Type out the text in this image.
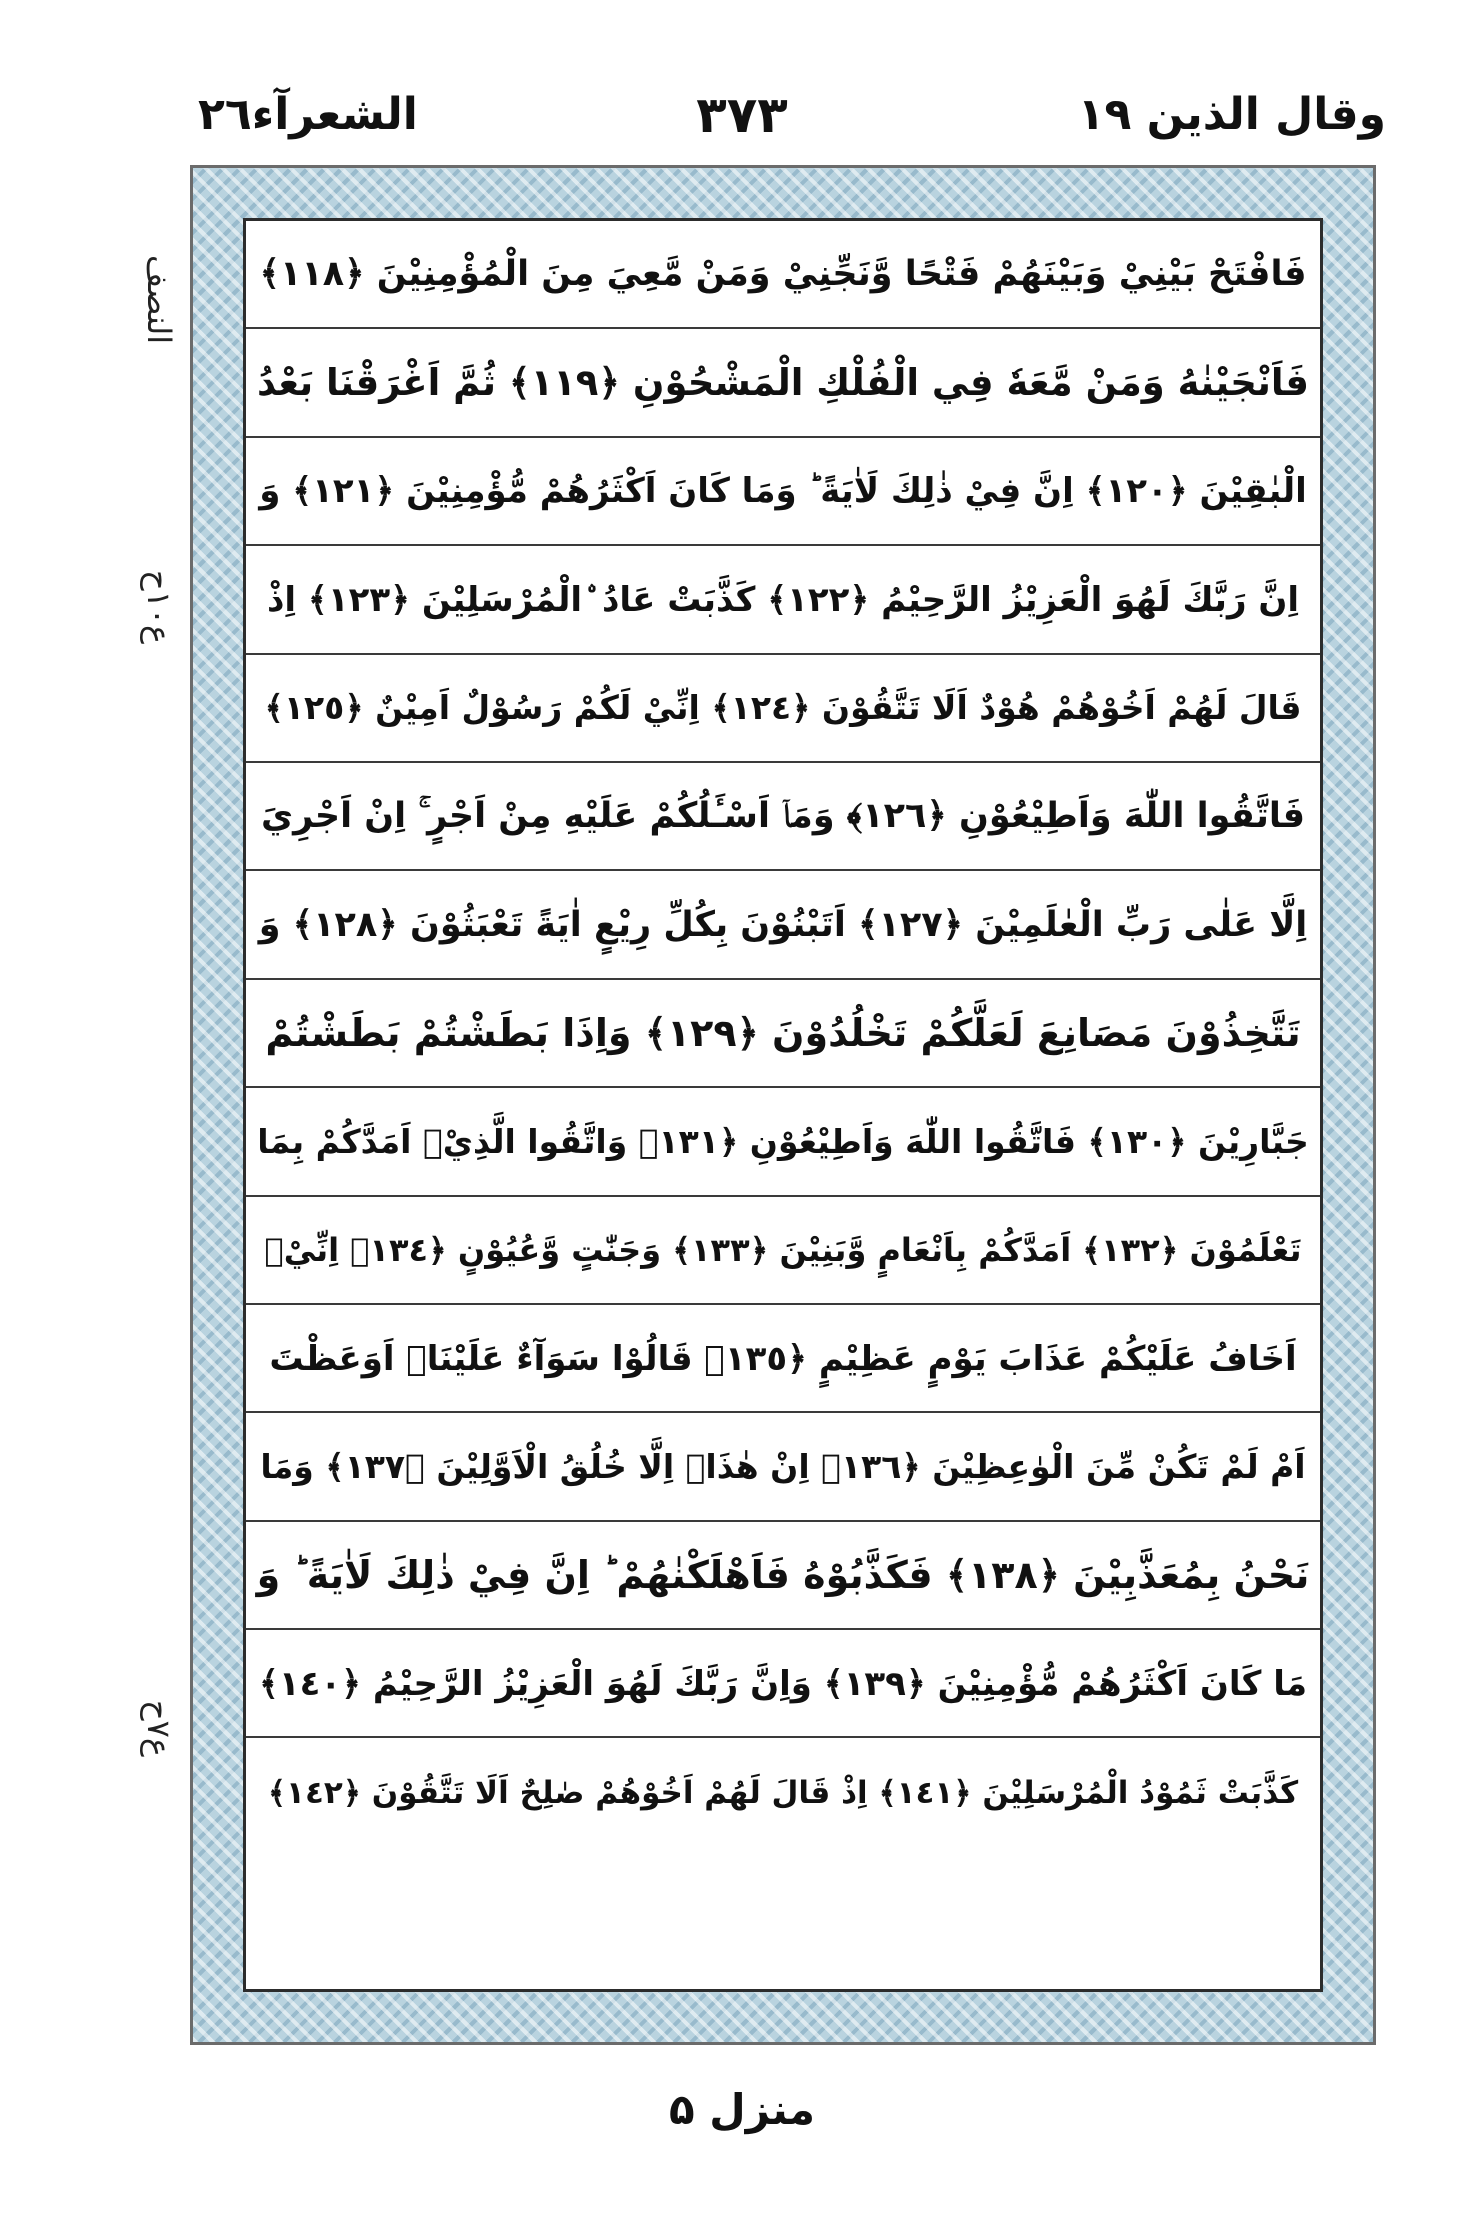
وقال الذين ١٩
٣٧٣
الشعرآء٢٦
النصف
ع١٠ح
ع٧ح
فَافْتَحْ بَيْنِيْ وَبَيْنَهُمْ فَتْحًا وَّنَجِّنِيْ وَمَنْ مَّعِيَ مِنَ الْمُؤْمِنِيْنَ ﴿١١٨﴾
فَاَنْجَيْنٰهُ وَمَنْ مَّعَهٗ فِي الْفُلْكِ الْمَشْحُوْنِ ﴿١١٩﴾ ثُمَّ اَغْرَقْنَا بَعْدُ
الْبٰقِيْنَ ﴿١٢٠﴾ اِنَّ فِيْ ذٰلِكَ لَاٰيَةً ؕ وَمَا كَانَ اَكْثَرُهُمْ مُّؤْمِنِيْنَ ﴿١٢١﴾ وَ
اِنَّ رَبَّكَ لَهُوَ الْعَزِيْزُ الرَّحِيْمُ ﴿١٢٢﴾ كَذَّبَتْ عَادُ ۨالْمُرْسَلِيْنَ ﴿١٢٣﴾ اِذْ
قَالَ لَهُمْ اَخُوْهُمْ هُوْدٌ اَلَا تَتَّقُوْنَ ﴿١٢٤﴾ اِنِّيْ لَكُمْ رَسُوْلٌ اَمِيْنٌ ﴿١٢٥﴾
فَاتَّقُوا اللّٰهَ وَاَطِيْعُوْنِ ﴿١٢٦﴾ وَمَاۤ اَسْـَٔلُكُمْ عَلَيْهِ مِنْ اَجْرٍ ۚ اِنْ اَجْرِيَ
اِلَّا عَلٰى رَبِّ الْعٰلَمِيْنَ ﴿١٢٧﴾ اَتَبْنُوْنَ بِكُلِّ رِيْعٍ اٰيَةً تَعْبَثُوْنَ ﴿١٢٨﴾ وَ
تَتَّخِذُوْنَ مَصَانِعَ لَعَلَّكُمْ تَخْلُدُوْنَ ﴿١٢٩﴾ وَاِذَا بَطَشْتُمْ بَطَشْتُمْ
جَبَّارِيْنَ ﴿١٣٠﴾ فَاتَّقُوا اللّٰهَ وَاَطِيْعُوْنِ ﴿١٣١﴾ وَاتَّقُوا الَّذِيْۤ اَمَدَّكُمْ بِمَا
تَعْلَمُوْنَ ﴿١٣٢﴾ اَمَدَّكُمْ بِاَنْعَامٍ وَّبَنِيْنَ ﴿١٣٣﴾ وَجَنّٰتٍ وَّعُيُوْنٍ ﴿١٣٤﴾ اِنِّيْۤ
اَخَافُ عَلَيْكُمْ عَذَابَ يَوْمٍ عَظِيْمٍ ﴿١٣٥﴾ قَالُوْا سَوَآءٌ عَلَيْنَاۤ اَوَعَظْتَ
اَمْ لَمْ تَكُنْ مِّنَ الْوٰعِظِيْنَ ﴿١٣٦﴾ اِنْ هٰذَاۤ اِلَّا خُلُقُ الْاَوَّلِيْنَ ﴿١٣٧﴾ وَمَا
نَحْنُ بِمُعَذَّبِيْنَ ﴿١٣٨﴾ فَكَذَّبُوْهُ فَاَهْلَكْنٰهُمْ ؕ اِنَّ فِيْ ذٰلِكَ لَاٰيَةً ؕ وَ
مَا كَانَ اَكْثَرُهُمْ مُّؤْمِنِيْنَ ﴿١٣٩﴾ وَاِنَّ رَبَّكَ لَهُوَ الْعَزِيْزُ الرَّحِيْمُ ﴿١٤٠﴾
كَذَّبَتْ ثَمُوْدُ الْمُرْسَلِيْنَ ﴿١٤١﴾ اِذْ قَالَ لَهُمْ اَخُوْهُمْ صٰلِحٌ اَلَا تَتَّقُوْنَ ﴿١٤٢﴾
منزل ۵
